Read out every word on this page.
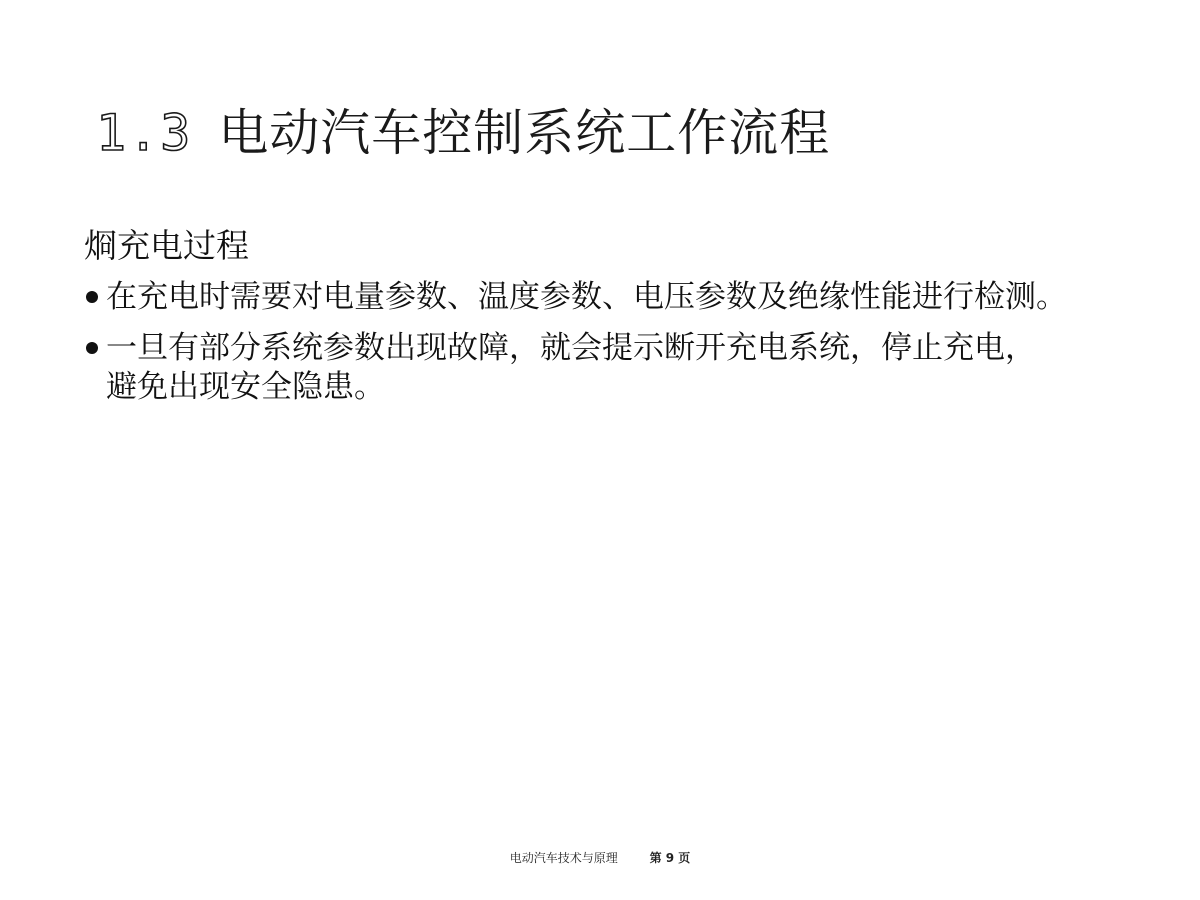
1.3 电动汽车控制系统工作流程
烱充电过程
在充电时需要对电量参数、温度参数、电压参数及绝缘性能进行检测。
一旦有部分系统参数出现故障，就会提示断开充电系统，停止充电，
避免出现安全隐患。
电动汽车技术与原理	第 9 页
